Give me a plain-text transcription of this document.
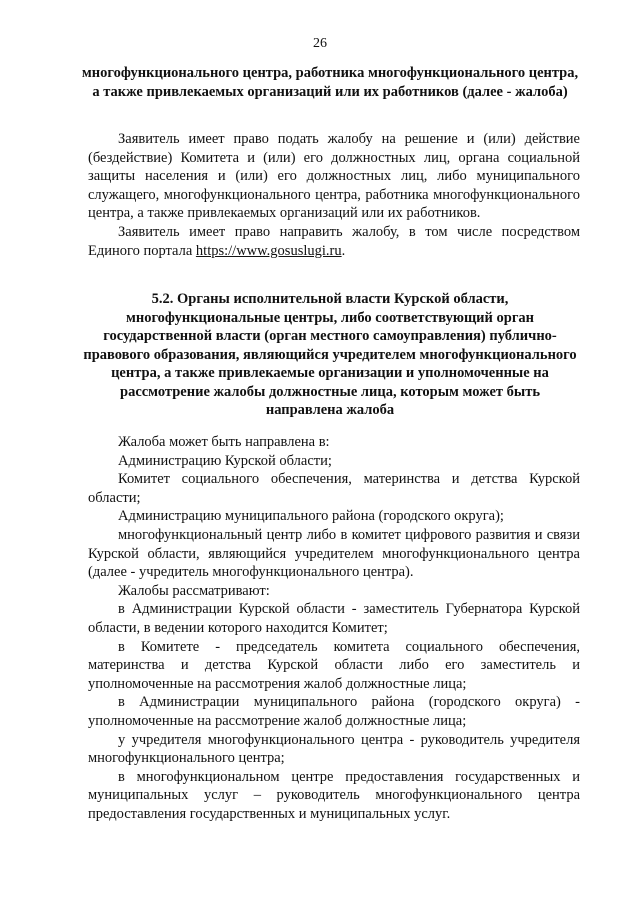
26
многофункционального центра, работника многофункционального центра, а также привлекаемых организаций или их работников (далее - жалоба)

Заявитель имеет право подать жалобу на решение и (или) действие (бездействие) Комитета и (или) его должностных лиц, органа социальной защиты населения и (или) его должностных лиц, либо муниципального служащего, многофункционального центра, работника многофункционального центра, а также привлекаемых организаций или их работников.

Заявитель имеет право направить жалобу, в том числе посредством Единого портала https://www.gosuslugi.ru.

5.2. Органы исполнительной власти Курской области, многофункциональные центры, либо соответствующий орган государственной власти (орган местного самоуправления) публично-правового образования, являющийся учредителем многофункционального центра, а также привлекаемые организации и уполномоченные на рассмотрение жалобы должностные лица, которым может быть направлена жалоба

Жалоба может быть направлена в:

Администрацию Курской области;

Комитет социального обеспечения, материнства и детства Курской области;

Администрацию муниципального района (городского округа);

многофункциональный центр либо в комитет цифрового развития и связи Курской области, являющийся учредителем многофункционального центра (далее - учредитель многофункционального центра).

Жалобы рассматривают:

в Администрации Курской области - заместитель Губернатора Курской области, в ведении которого находится Комитет;

в Комитете - председатель комитета социального обеспечения, материнства и детства Курской области либо его заместитель и уполномоченные на рассмотрения жалоб должностные лица;

в Администрации муниципального района (городского округа) - уполномоченные на рассмотрение жалоб должностные лица;

у учредителя многофункционального центра - руководитель учредителя многофункционального центра;

в многофункциональном центре предоставления государственных и муниципальных услуг – руководитель многофункционального центра предоставления государственных и муниципальных услуг.
